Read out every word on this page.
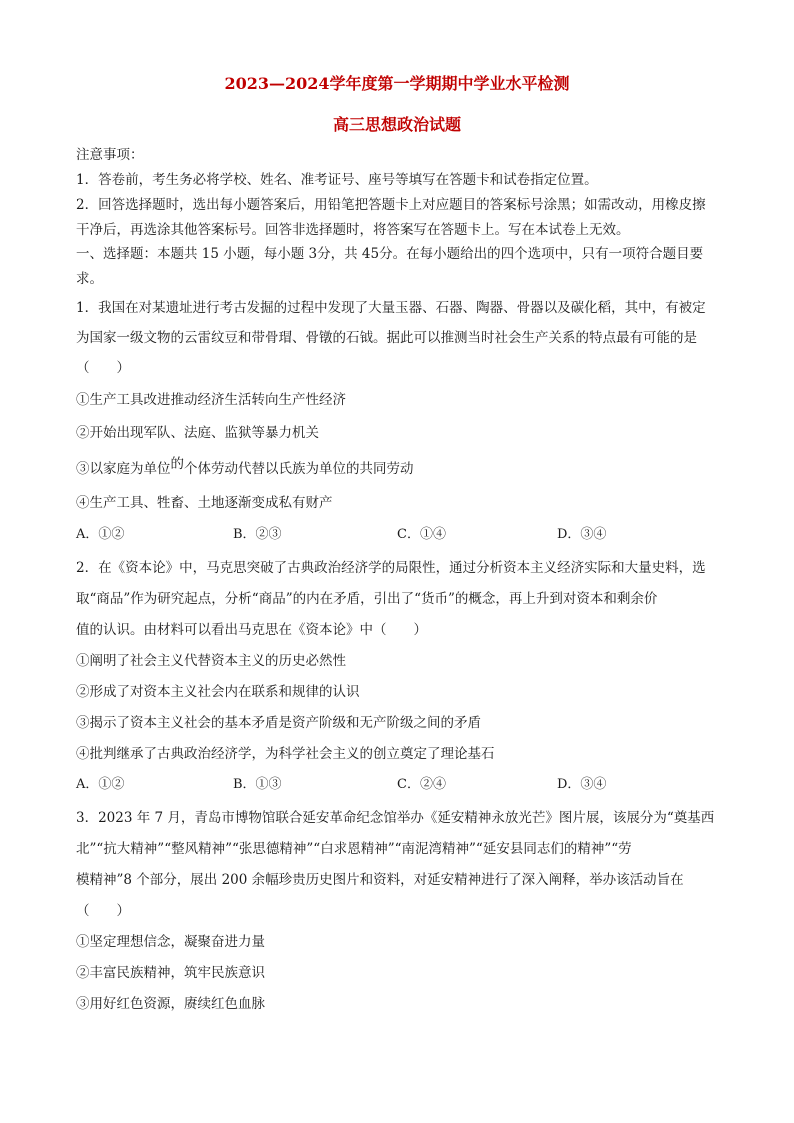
2023—2024学年度第一学期期中学业水平检测
高三思想政治试题
注意事项：
1．答卷前，考生务必将学校、姓名、准考证号、座号等填写在答题卡和试卷指定位置。
2．回答选择题时，选出每小题答案后，用铅笔把答题卡上对应题目的答案标号涂黑；如需改动，用橡皮擦
干净后，再选涂其他答案标号。回答非选择题时，将答案写在答题卡上。写在本试卷上无效。
一、选择题：本题共 15 小题，每小题 3分，共 45分。在每小题给出的四个选项中，只有一项符合题目要
求。
1．我国在对某遗址进行考古发掘的过程中发现了大量玉器、石器、陶器、骨器以及碳化稻，其中，有被定
为国家一级文物的云雷纹豆和带骨瑁、骨镦的石钺。据此可以推测当时社会生产关系的特点最有可能的是
（　　）
①生产工具改进推动经济生活转向生产性经济
②开始出现军队、法庭、监狱等暴力机关
③以家庭为单位的个体劳动代替以氏族为单位的共同劳动
④生产工具、牲畜、土地逐渐变成私有财产
A．①②	B．②③	C．①④	D．③④
2．在《资本论》中，马克思突破了古典政治经济学的局限性，通过分析资本主义经济实际和大量史料，选
取“商品”作为研究起点，分析“商品”的内在矛盾，引出了“货币”的概念，再上升到对资本和剩余价
值的认识。由材料可以看出马克思在《资本论》中（　　）
①阐明了社会主义代替资本主义的历史必然性
②形成了对资本主义社会内在联系和规律的认识
③揭示了资本主义社会的基本矛盾是资产阶级和无产阶级之间的矛盾
④批判继承了古典政治经济学，为科学社会主义的创立奠定了理论基石
A．①②	B．①③	C．②④	D．③④
3．2023 年 7 月，青岛市博物馆联合延安革命纪念馆举办《延安精神永放光芒》图片展，该展分为“奠基西
北”“抗大精神”“整风精神”“张思德精神”“白求恩精神”“南泥湾精神”“延安县同志们的精神”“劳
模精神”8 个部分，展出 200 余幅珍贵历史图片和资料，对延安精神进行了深入阐释，举办该活动旨在
（　　）
①坚定理想信念，凝聚奋进力量
②丰富民族精神，筑牢民族意识
③用好红色资源，赓续红色血脉
